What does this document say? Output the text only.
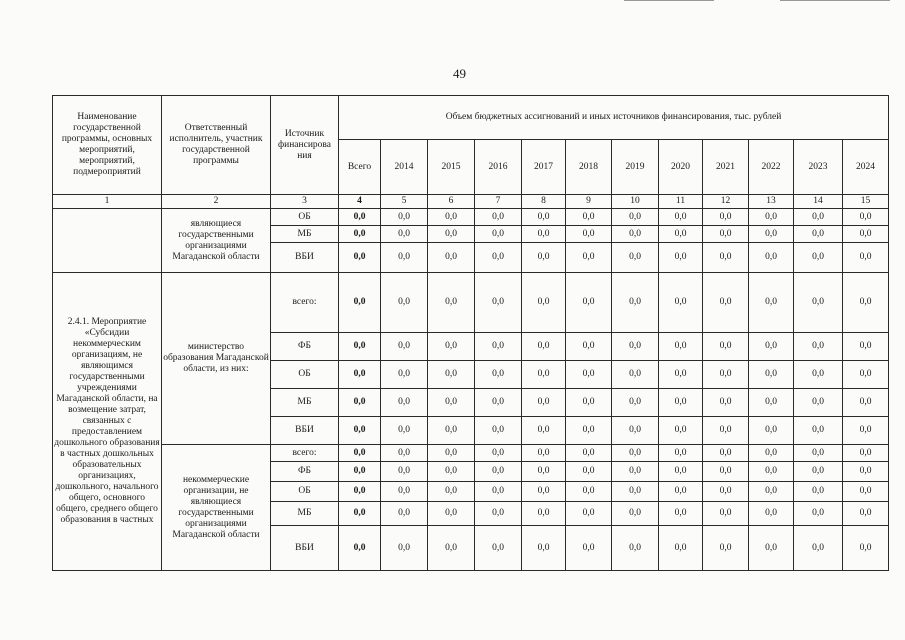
49
Наименование государственной программы, основных мероприятий, мероприятий, подмероприятий	Ответственный исполнитель, участник государственной программы	Источник финансирова ния	Объем бюджетных ассигнований и иных источников финансирования, тыс. рублей											
			Всего	2014	2015	2016	2017	2018	2019	2020	2021	2022	2023	2024
1	2	3	4	5	6	7	8	9	10	11	12	13	14	15
	являющиеся государственными организациями Магаданской области	ОБ	0,0	0,0	0,0	0,0	0,0	0,0	0,0	0,0	0,0	0,0	0,0	0,0
		МБ	0,0	0,0	0,0	0,0	0,0	0,0	0,0	0,0	0,0	0,0	0,0	0,0
		ВБИ	0,0	0,0	0,0	0,0	0,0	0,0	0,0	0,0	0,0	0,0	0,0	0,0
2.4.1. Мероприятие «Субсидии некоммерческим организациям, не являющимся государственными учреждениями Магаданской области, на возмещение затрат, связанных с предоставлением дошкольного образования в частных дошкольных образовательных организациях, дошкольного, начального общего, основного общего, среднего общего образования в частных	министерство образования Магаданской области, из них:	всего:	0,0	0,0	0,0	0,0	0,0	0,0	0,0	0,0	0,0	0,0	0,0	0,0
		ФБ	0,0	0,0	0,0	0,0	0,0	0,0	0,0	0,0	0,0	0,0	0,0	0,0
		ОБ	0,0	0,0	0,0	0,0	0,0	0,0	0,0	0,0	0,0	0,0	0,0	0,0
		МБ	0,0	0,0	0,0	0,0	0,0	0,0	0,0	0,0	0,0	0,0	0,0	0,0
		ВБИ	0,0	0,0	0,0	0,0	0,0	0,0	0,0	0,0	0,0	0,0	0,0	0,0
	некоммерческие организации, не являющиеся государственными организациями Магаданской области	всего:	0,0	0,0	0,0	0,0	0,0	0,0	0,0	0,0	0,0	0,0	0,0	0,0
		ФБ	0,0	0,0	0,0	0,0	0,0	0,0	0,0	0,0	0,0	0,0	0,0	0,0
		ОБ	0,0	0,0	0,0	0,0	0,0	0,0	0,0	0,0	0,0	0,0	0,0	0,0
		МБ	0,0	0,0	0,0	0,0	0,0	0,0	0,0	0,0	0,0	0,0	0,0	0,0
		ВБИ	0,0	0,0	0,0	0,0	0,0	0,0	0,0	0,0	0,0	0,0	0,0	0,0
